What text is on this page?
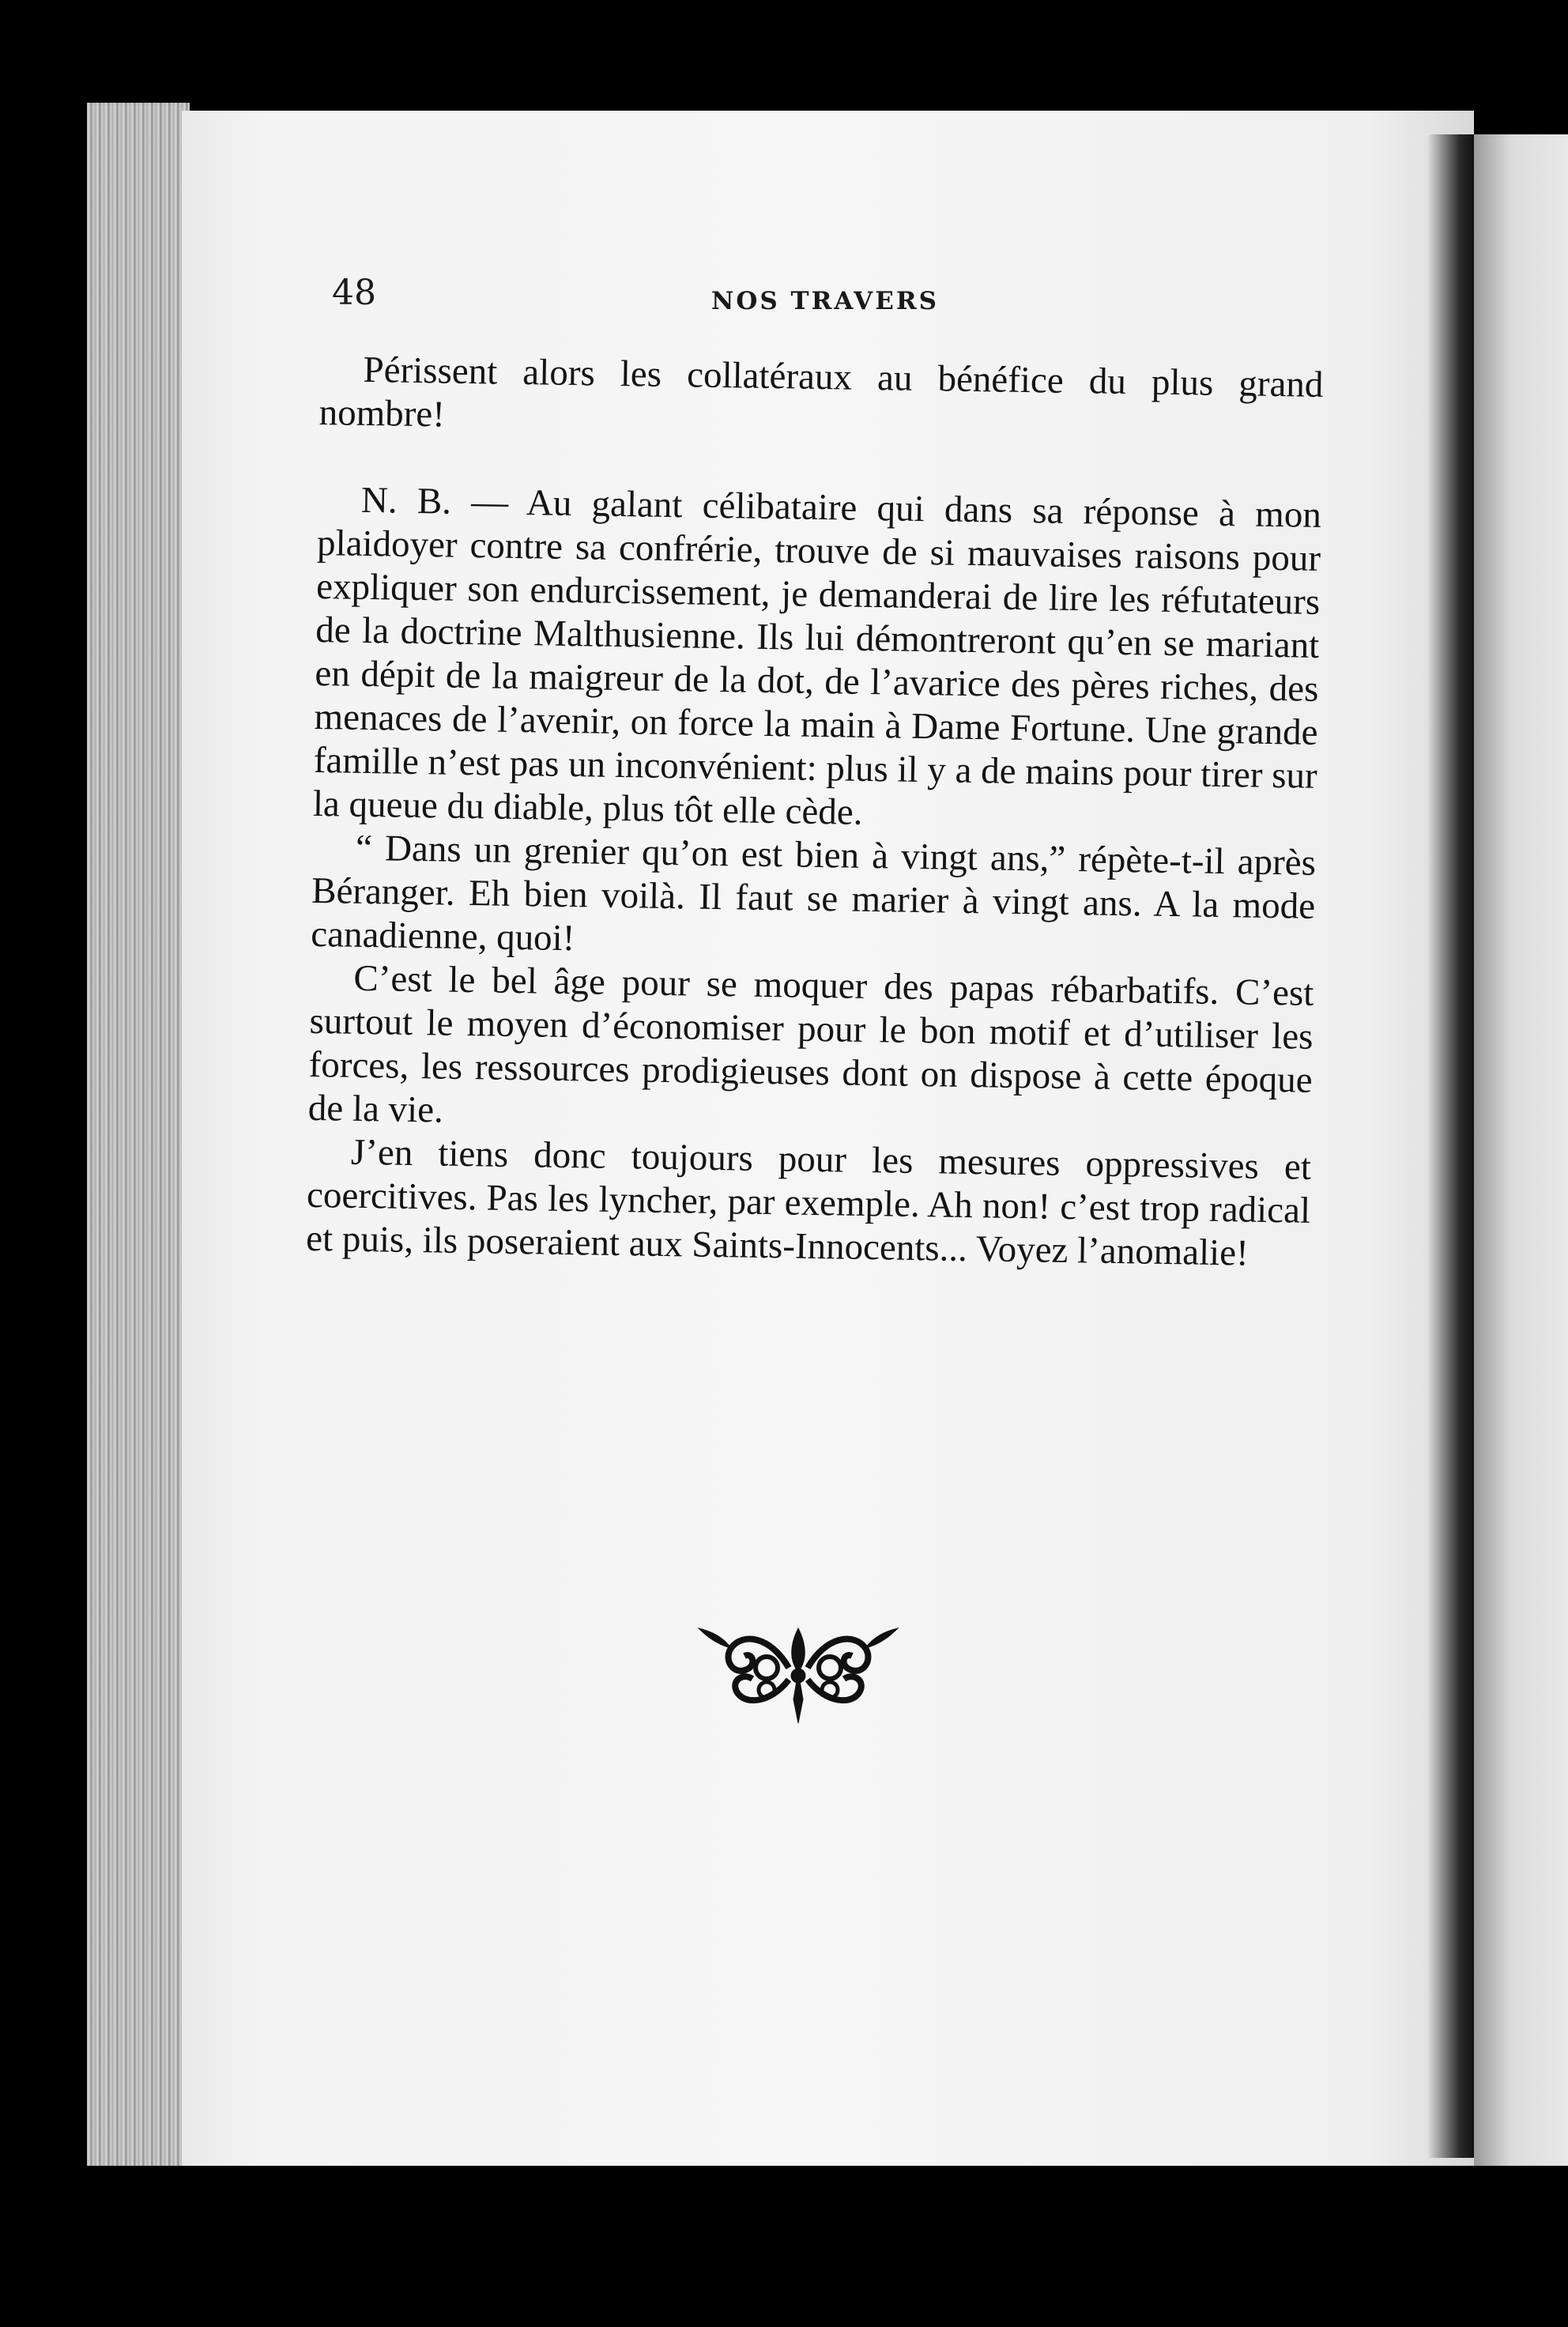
48	NOS TRAVERS

Périssent alors les collatéraux au bénéfice du plus grand nombre!

N. B. — Au galant célibataire qui dans sa réponse à mon plaidoyer contre sa confrérie, trouve de si mauvaises raisons pour expliquer son endurcissement, je demanderai de lire les réfutateurs de la doctrine Malthusienne. Ils lui démontreront qu’en se mariant en dépit de la maigreur de la dot, de l’avarice des pères riches, des menaces de l’avenir, on force la main à Dame Fortune. Une grande famille n’est pas un inconvénient: plus il y a de mains pour tirer sur la queue du diable, plus tôt elle cède.

“ Dans un grenier qu’on est bien à vingt ans,” répète-t-il après Béranger. Eh bien voilà. Il faut se marier à vingt ans. A la mode canadienne, quoi!

C’est le bel âge pour se moquer des papas rébarbatifs. C’est surtout le moyen d’économiser pour le bon motif et d’utiliser les forces, les ressources prodigieuses dont on dispose à cette époque de la vie.

J’en tiens donc toujours pour les mesures oppressives et coercitives. Pas les lyncher, par exemple. Ah non! c’est trop radical et puis, ils poseraient aux Saints-Innocents... Voyez l’anomalie!
